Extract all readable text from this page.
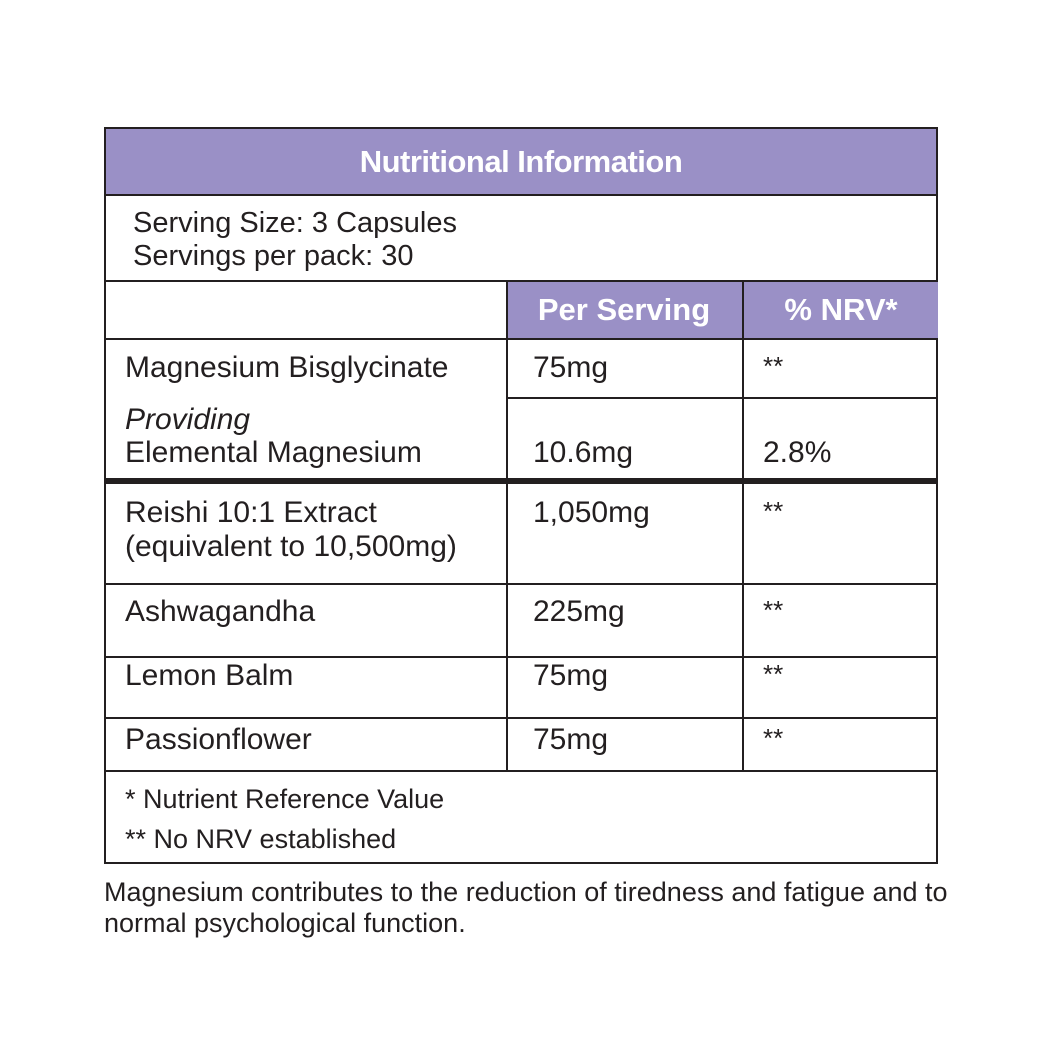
Nutritional Information
Serving Size: 3 Capsules
Servings per pack: 30
Per Serving	% NRV*
Magnesium Bisglycinate	75mg	**
Providing
Elemental Magnesium	10.6mg	2.8%
Reishi 10:1 Extract
(equivalent to 10,500mg)
1,050mg	**
Ashwagandha	225mg	**
Lemon Balm	75mg	**
Passionflower	75mg	**
* Nutrient Reference Value
** No NRV established
Magnesium contributes to the reduction of tiredness and fatigue and to normal psychological function.
